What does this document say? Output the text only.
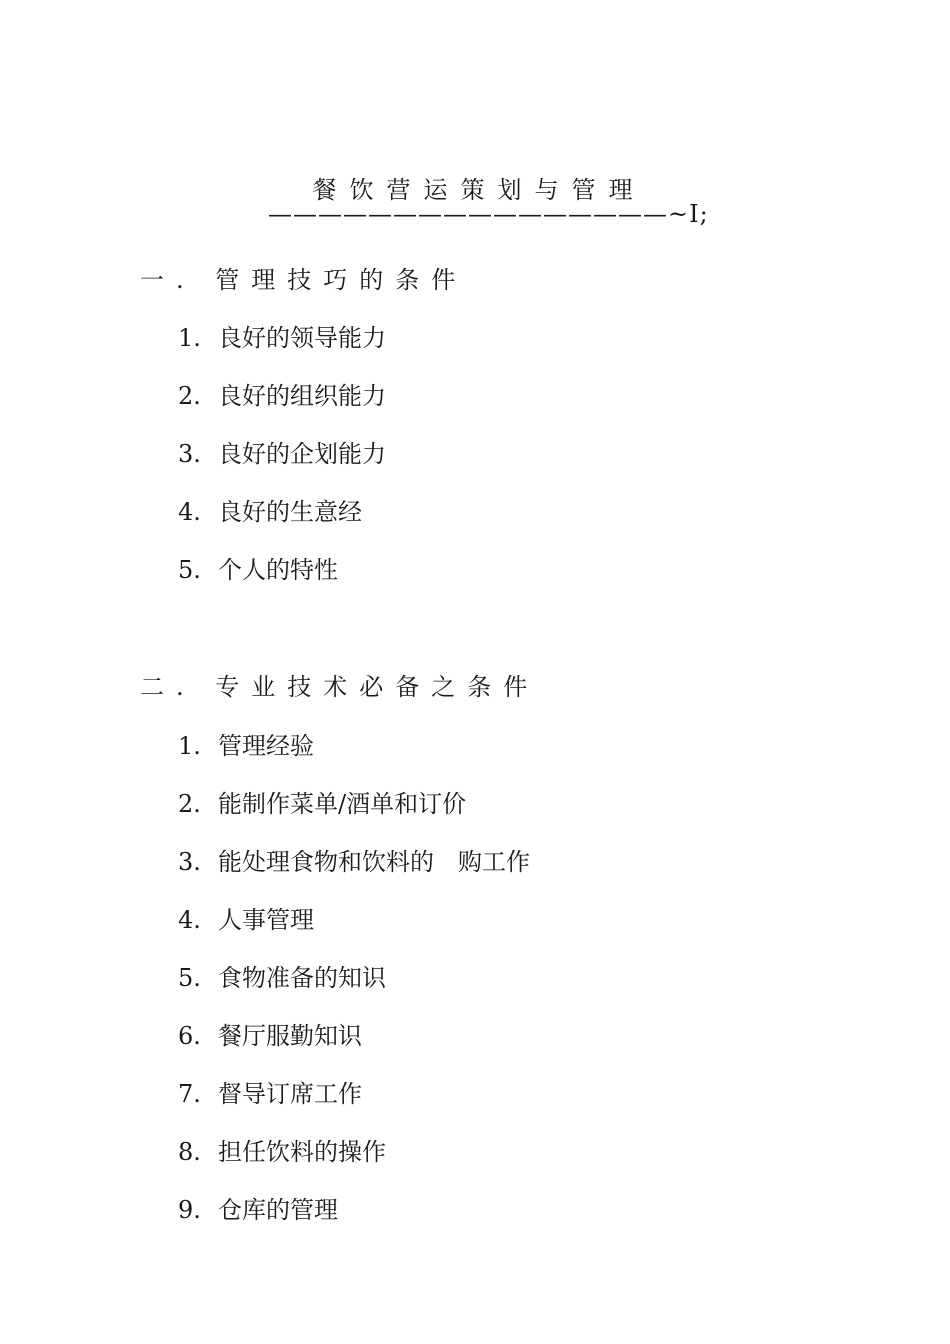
餐饮营运策划与管理
————————————————~I;
一. 管理技巧的条件
1. 良好的领导能力
2. 良好的组织能力
3. 良好的企划能力
4. 良好的生意经
5. 个人的特性
二. 专业技术必备之条件
1. 管理经验
2. 能制作菜单/酒单和订价
3. 能处理食物和饮料的　购工作
4. 人事管理
5. 食物准备的知识
6. 餐厅服勤知识
7. 督导订席工作
8. 担任饮料的操作
9. 仓库的管理
